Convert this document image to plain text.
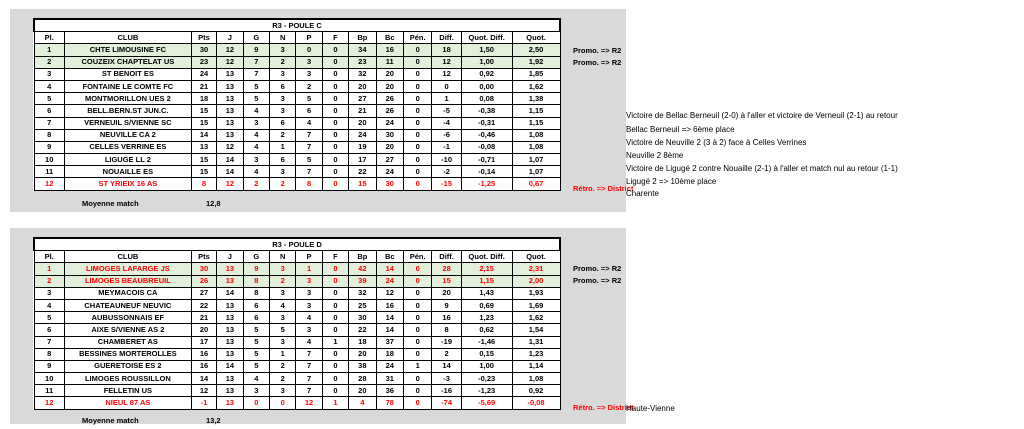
R3 - POULE C													
Pl.	CLUB	Pts	J	G	N	P	F	Bp	Bc	Pén.	Diff.	Quot. Diff.	Quot.
1	CHTE LIMOUSINE FC	30	12	9	3	0	0	34	16	0	18	1,50	2,50
2	COUZEIX CHAPTELAT US	23	12	7	2	3	0	23	11	0	12	1,00	1,92
3	ST BENOIT ES	24	13	7	3	3	0	32	20	0	12	0,92	1,85
4	FONTAINE LE COMTE FC	21	13	5	6	2	0	20	20	0	0	0,00	1,62
5	MONTMORILLON UES 2	18	13	5	3	5	0	27	26	0	1	0,08	1,38
6	BELL.BERN.ST JUN.C.	15	13	4	3	6	0	21	26	0	-5	-0,38	1,15
7	VERNEUIL S/VIENNE SC	15	13	3	6	4	0	20	24	0	-4	-0,31	1,15
8	NEUVILLE CA 2	14	13	4	2	7	0	24	30	0	-6	-0,46	1,08
9	CELLES VERRINE ES	13	12	4	1	7	0	19	20	0	-1	-0,08	1,08
10	LIGUGE LL 2	15	14	3	6	5	0	17	27	0	-10	-0,71	1,07
11	NOUAILLE ES	15	14	4	3	7	0	22	24	0	-2	-0,14	1,07
12	ST YRIEIX 16 AS	8	12	2	2	8	0	15	30	0	-15	-1,25	0,67
Promo. => R2
Promo. => R2
Rétro. => District
Moyenne match	12,8
R3 - POULE D													
Pl.	CLUB	Pts	J	G	N	P	F	Bp	Bc	Pén.	Diff.	Quot. Diff.	Quot.
1	LIMOGES LAFARGE JS	30	13	9	3	1	0	42	14	0	28	2,15	2,31
2	LIMOGES BEAUBREUIL	26	13	8	2	3	0	39	24	0	15	1,15	2,00
3	MEYMACOIS CA	27	14	8	3	3	0	32	12	0	20	1,43	1,93
4	CHATEAUNEUF NEUVIC	22	13	6	4	3	0	25	16	0	9	0,69	1,69
5	AUBUSSONNAIS EF	21	13	6	3	4	0	30	14	0	16	1,23	1,62
6	AIXE S/VIENNE AS 2	20	13	5	5	3	0	22	14	0	8	0,62	1,54
7	CHAMBERET AS	17	13	5	3	4	1	18	37	0	-19	-1,46	1,31
8	BESSINES MORTEROLLES	16	13	5	1	7	0	20	18	0	2	0,15	1,23
9	GUERETOISE ES 2	16	14	5	2	7	0	38	24	1	14	1,00	1,14
10	LIMOGES ROUSSILLON	14	13	4	2	7	0	28	31	0	-3	-0,23	1,08
11	FELLETIN US	12	13	3	3	7	0	20	36	0	-16	-1,23	0,92
12	NIEUL 87 AS	-1	13	0	0	12	1	4	78	0	-74	-5,69	-0,08
Promo. => R2
Promo. => R2
Rétro. => District
Moyenne match	13,2
Victoire de Bellac Berneuil (2-0) à l'aller et victoire de Verneuil (2-1) au retour
Bellac Berneuil => 6ème place
Victoire de Neuville 2 (3 à 2) face à Celles Verrines
Neuville 2 8ème
Victoire de Ligugé 2 contre Nouaille (2-1) à l'aller et match nul au retour (1-1)
Ligugé 2 => 10ème place
Charente
Haute-Vienne
